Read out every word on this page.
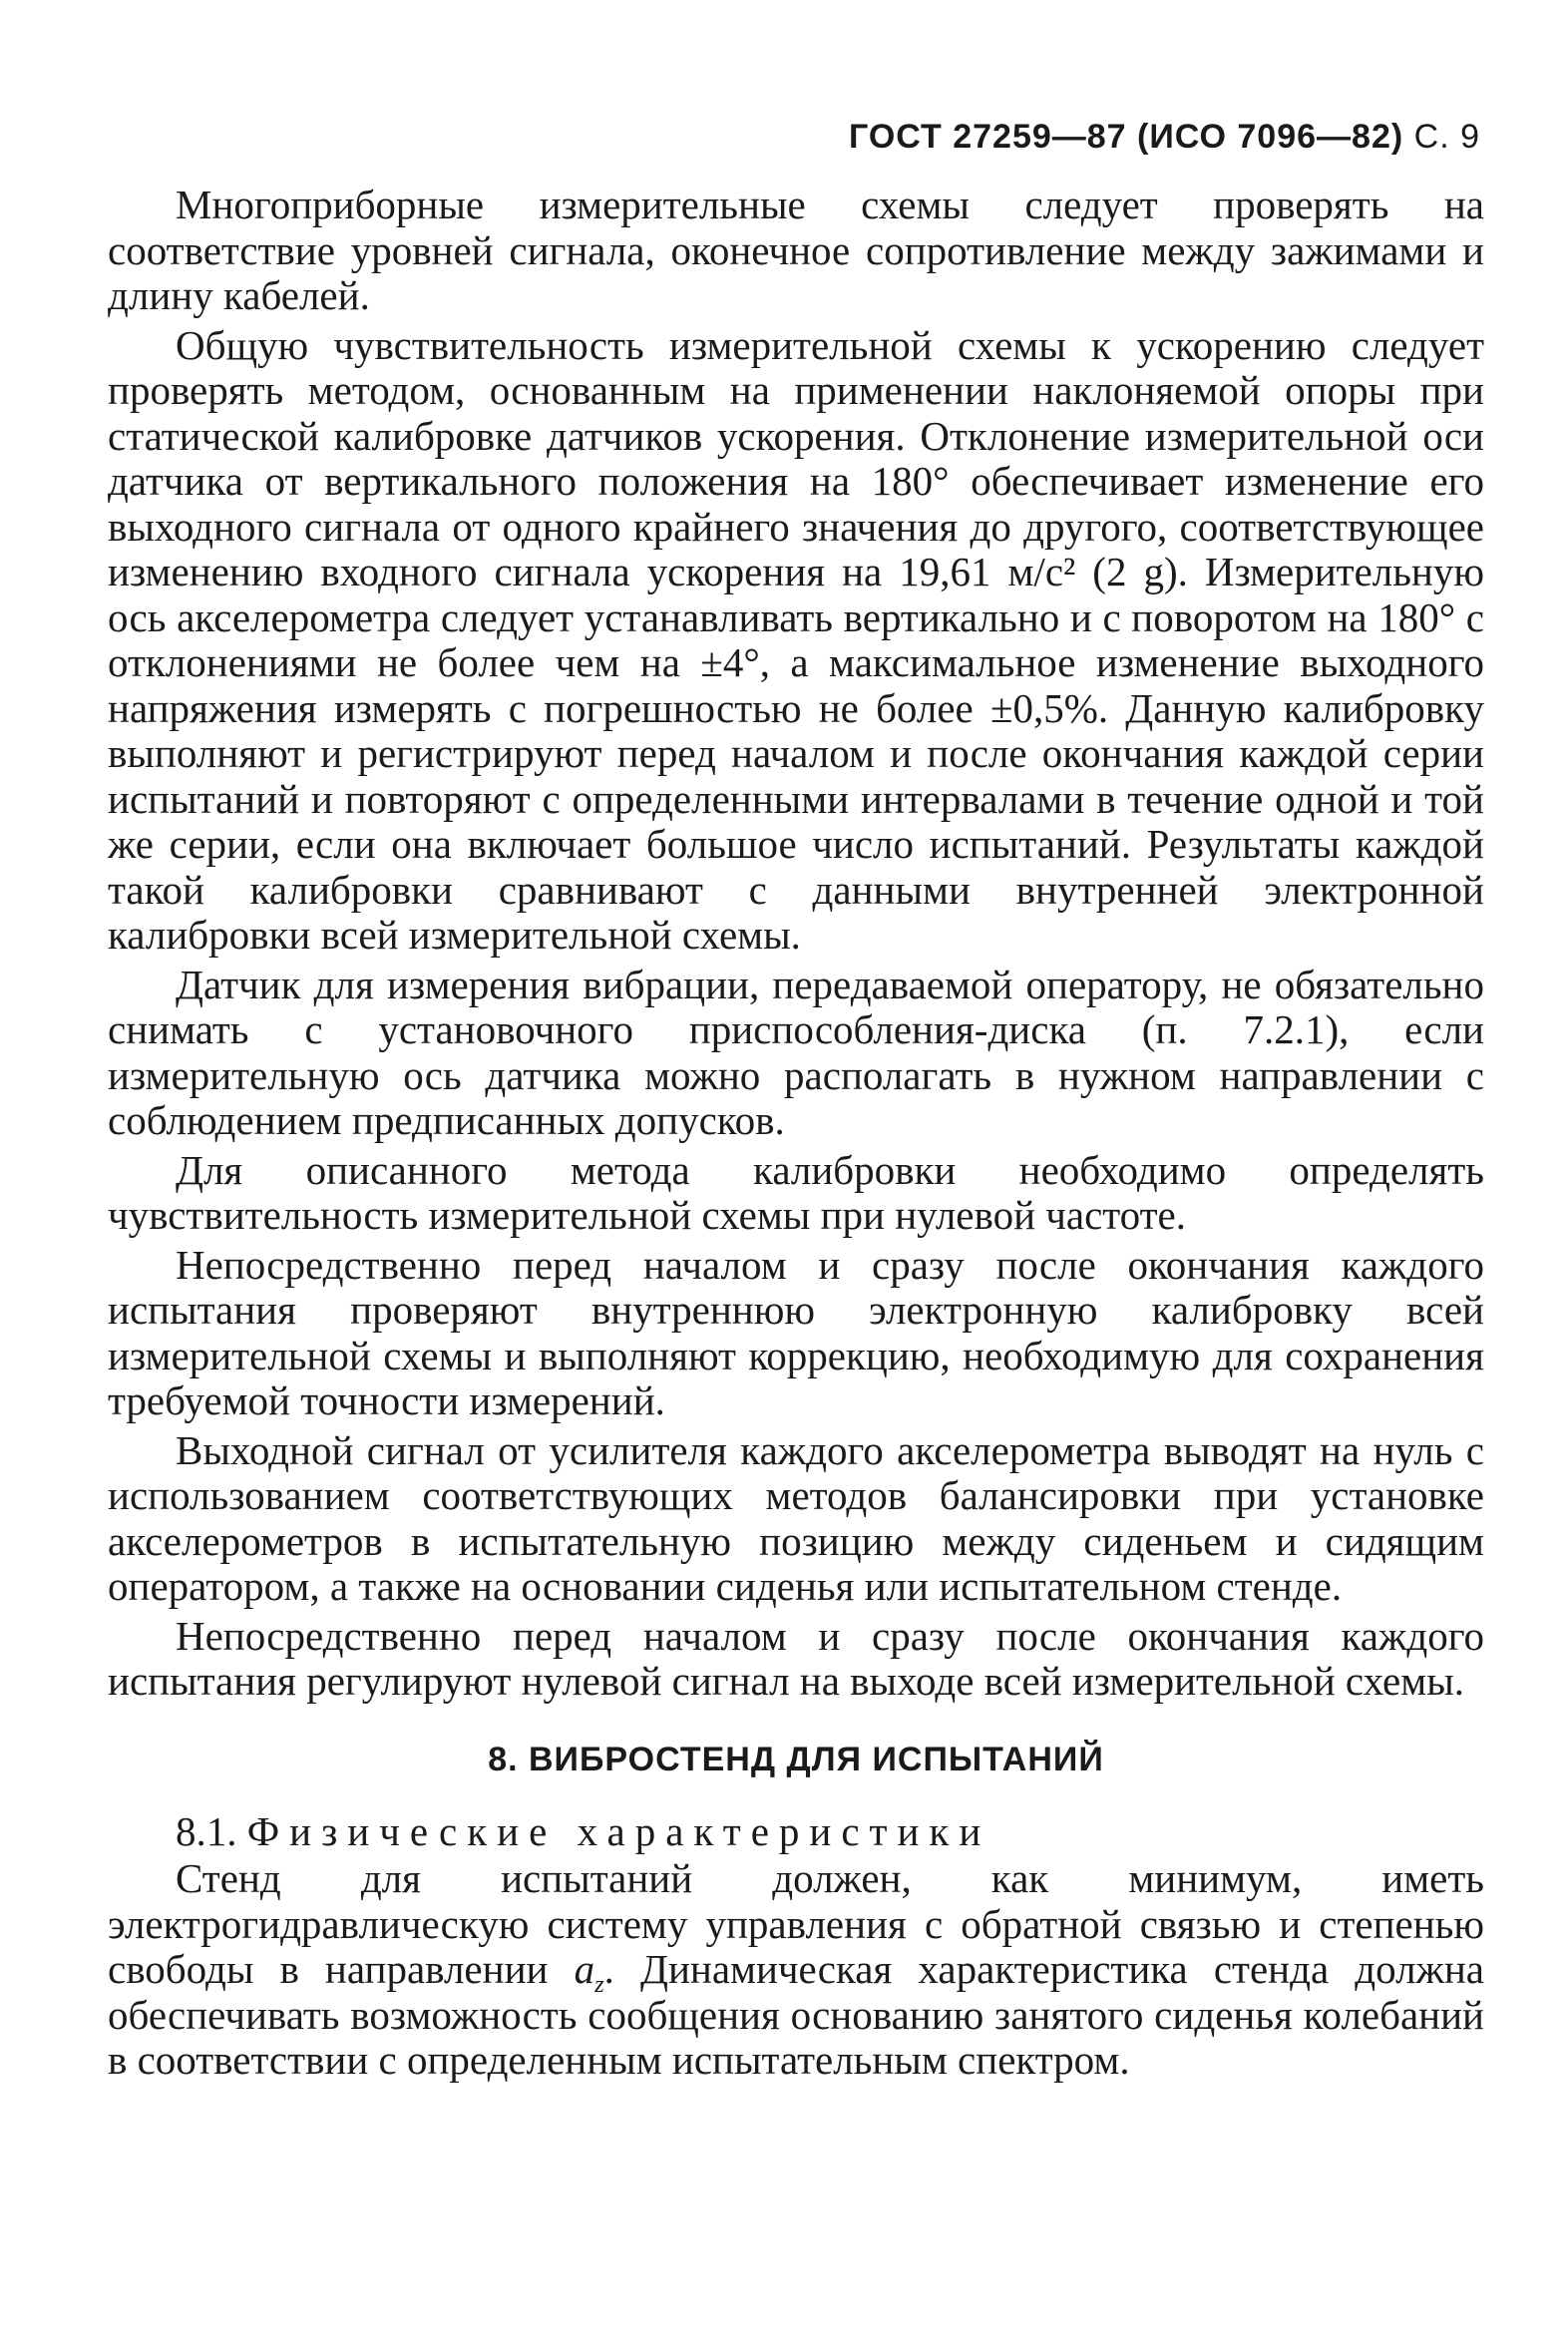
ГОСТ 27259—87 (ИСО 7096—82) С. 9

Многоприборные измерительные схемы следует проверять на соответствие уровней сигнала, оконечное сопротивление между зажимами и длину кабелей.

Общую чувствительность измерительной схемы к ускорению следует проверять методом, основанным на применении наклоняемой опоры при статической калибровке датчиков ускорения. Отклонение измерительной оси датчика от вертикального положения на 180° обеспечивает изменение его выходного сигнала от одного крайнего значения до другого, соответствующее изменению входного сигнала ускорения на 19,61 м/с² (2 g). Измерительную ось акселерометра следует устанавливать вертикально и с поворотом на 180° с отклонениями не более чем на ±4°, а максимальное изменение выходного напряжения измерять с погрешностью не более ±0,5%. Данную калибровку выполняют и регистрируют перед началом и после окончания каждой серии испытаний и повторяют с определенными интервалами в течение одной и той же серии, если она включает большое число испытаний. Результаты каждой такой калибровки сравнивают с данными внутренней электронной калибровки всей измерительной схемы.

Датчик для измерения вибрации, передаваемой оператору, не обязательно снимать с установочного приспособления-диска (п. 7.2.1), если измерительную ось датчика можно располагать в нужном направлении с соблюдением предписанных допусков.

Для описанного метода калибровки необходимо определять чувствительность измерительной схемы при нулевой частоте.

Непосредственно перед началом и сразу после окончания каждого испытания проверяют внутреннюю электронную калибровку всей измерительной схемы и выполняют коррекцию, необходимую для сохранения требуемой точности измерений.

Выходной сигнал от усилителя каждого акселерометра выводят на нуль с использованием соответствующих методов балансировки при установке акселерометров в испытательную позицию между сиденьем и сидящим оператором, а также на основании сиденья или испытательном стенде.

Непосредственно перед началом и сразу после окончания каждого испытания регулируют нулевой сигнал на выходе всей измерительной схемы.

8. ВИБРОСТЕНД ДЛЯ ИСПЫТАНИЙ

8.1. Физические характеристики

Стенд для испытаний должен, как минимум, иметь электрогидравлическую систему управления с обратной связью и степенью свободы в направлении $a_z$. Динамическая характеристика стенда должна обеспечивать возможность сообщения основанию занятого сиденья колебаний в соответствии с определенным испытательным спектром.
